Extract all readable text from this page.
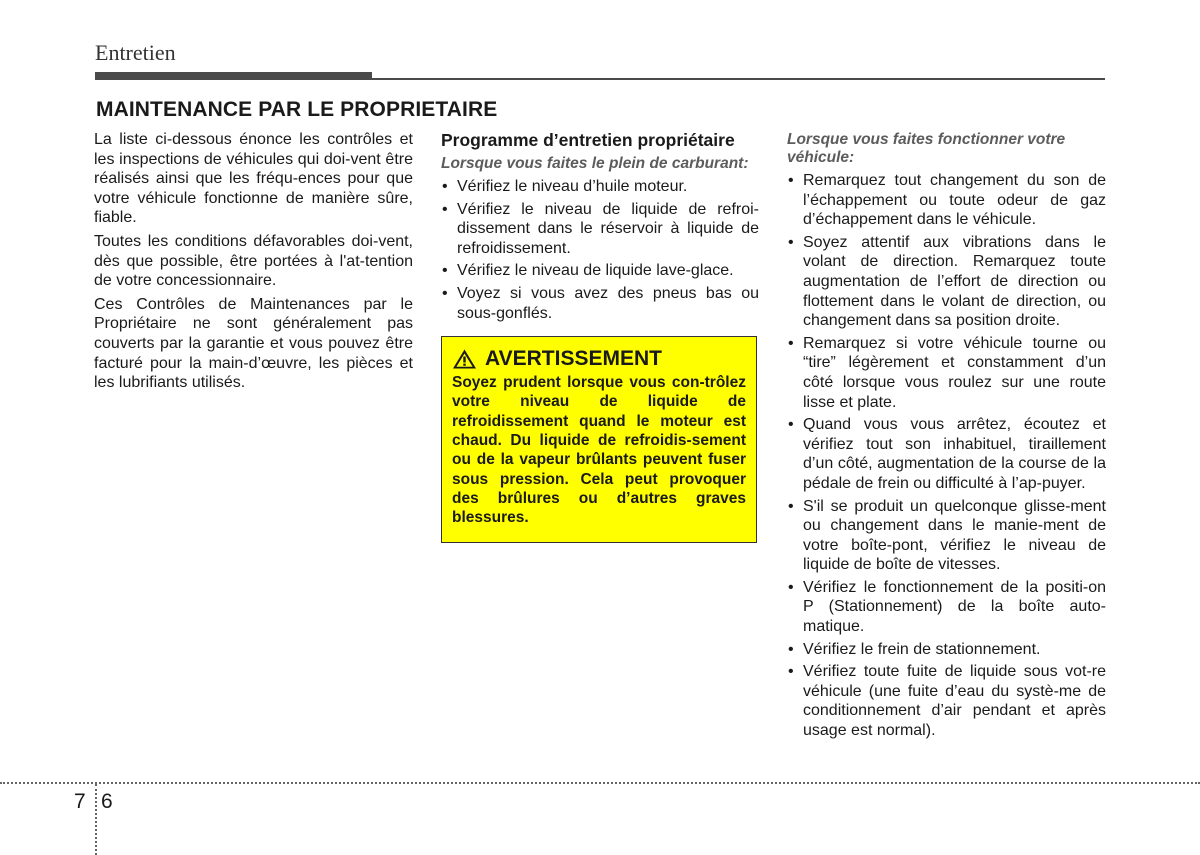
Entretien
MAINTENANCE PAR LE PROPRIETAIRE

La liste ci-dessous énonce les contrôles et les inspections de véhicules qui doi-vent être réalisés ainsi que les fréqu-ences pour que votre véhicule fonctionne de manière sûre, fiable.

Toutes les conditions défavorables doi-vent, dès que possible, être portées à l'at-tention de votre concessionnaire.

Ces Contrôles de Maintenances par le Propriétaire ne sont généralement pas couverts par la garantie et vous pouvez être facturé pour la main-d’œuvre, les pièces et les lubrifiants utilisés.

Programme d’entretien propriétaire
Lorsque vous faites le plein de carburant:
• Vérifiez le niveau d’huile moteur.
• Vérifiez le niveau de liquide de refroi-dissement dans le réservoir à liquide de refroidissement.
• Vérifiez le niveau de liquide lave-glace.
• Voyez si vous avez des pneus bas ou sous-gonflés.
AVERTISSEMENT

Soyez prudent lorsque vous con-trôlez votre niveau de liquide de refroidissement quand le moteur est chaud. Du liquide de refroidis-sement ou de la vapeur brûlants peuvent fuser sous pression. Cela peut provoquer des brûlures ou d’autres graves blessures.

Lorsque vous faites fonctionner votre véhicule:
• Remarquez tout changement du son de l’échappement ou toute odeur de gaz d’échappement dans le véhicule.
• Soyez attentif aux vibrations dans le volant de direction. Remarquez toute augmentation de l’effort de direction ou flottement dans le volant de direction, ou changement dans sa position droite.
• Remarquez si votre véhicule tourne ou “tire” légèrement et constamment d’un côté lorsque vous roulez sur une route lisse et plate.
• Quand vous vous arrêtez, écoutez et vérifiez tout son inhabituel, tiraillement d’un côté, augmentation de la course de la pédale de frein ou difficulté à l’ap-puyer.
• S'il se produit un quelconque glisse-ment ou changement dans le manie-ment de votre boîte-pont, vérifiez le niveau de liquide de boîte de vitesses.
• Vérifiez le fonctionnement de la positi-on P (Stationnement) de la boîte auto-matique.
• Vérifiez le frein de stationnement.
• Vérifiez toute fuite de liquide sous vot-re véhicule (une fuite d’eau du systè-me de conditionnement d’air pendant et après usage est normal).
7 6
